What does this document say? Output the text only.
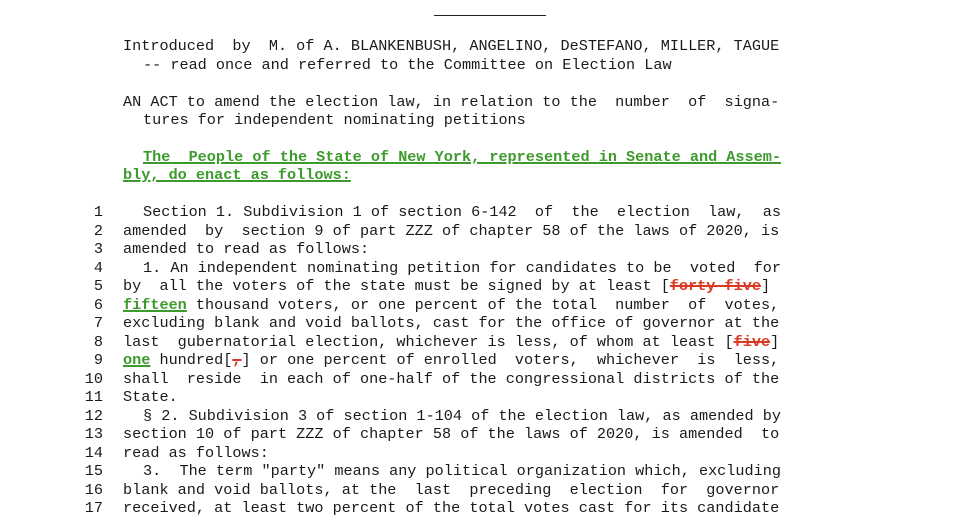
Introduced  by  M. of A. BLANKENBUSH, ANGELINO, DeSTEFANO, MILLER, TAGUE
-- read once and referred to the Committee on Election Law
AN ACT to amend the election law, in relation to the  number  of  signa-
tures for independent nominating petitions
The  People of the State of New York, represented in Senate and Assem-
bly, do enact as follows:
1	Section 1. Subdivision 1 of section 6-142  of  the  election  law,  as
2 amended  by  section 9 of part ZZZ of chapter 58 of the laws of 2020, is
3 amended to read as follows:
4	1. An independent nominating petition for candidates to be  voted  for
5 by  all the voters of the state must be signed by at least [forty-five]
6 fifteen thousand voters, or one percent of the total  number  of  votes,
7 excluding blank and void ballots, cast for the office of governor at the
8 last  gubernatorial election, whichever is less, of whom at least [five]
9 one hundred[,] or one percent of enrolled  voters,  whichever  is  less,
10 shall  reside  in each of one-half of the congressional districts of the
11 State.
12	§ 2. Subdivision 3 of section 1-104 of the election law, as amended by
13 section 10 of part ZZZ of chapter 58 of the laws of 2020, is amended  to
14 read as follows:
15	3.  The term "party" means any political organization which, excluding
16 blank and void ballots, at the  last  preceding  election  for  governor
17 received, at least two percent of the total votes cast for its candidate
